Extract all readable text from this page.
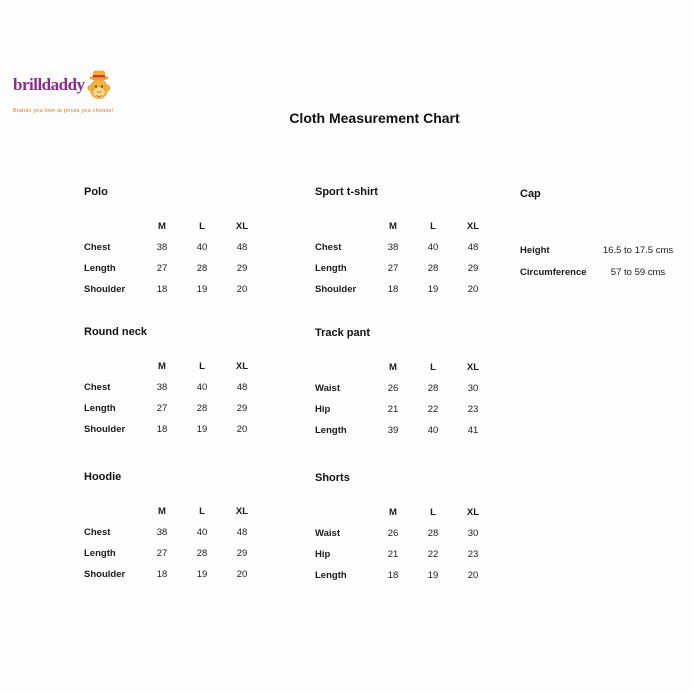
brilldaddy
Brands you love at prices you choose!	Cloth Measurement Chart
Polo
	M	L	XL
Chest	38	40	48
Length	27	28	29
Shoulder	18	19	20
Sport t-shirt
	M	L	XL
Chest	38	40	48
Length	27	28	29
Shoulder	18	19	20
Cap

Height	16.5 to 17.5 cms
Circumference	57 to 59 cms
Round neck
	M	L	XL
Chest	38	40	48
Length	27	28	29
Shoulder	18	19	20
Track pant
	M	L	XL
Waist	26	28	30
Hip	21	22	23
Length	39	40	41
Hoodie
	M	L	XL
Chest	38	40	48
Length	27	28	29
Shoulder	18	19	20
Shorts
	M	L	XL
Waist	26	28	30
Hip	21	22	23
Length	18	19	20
